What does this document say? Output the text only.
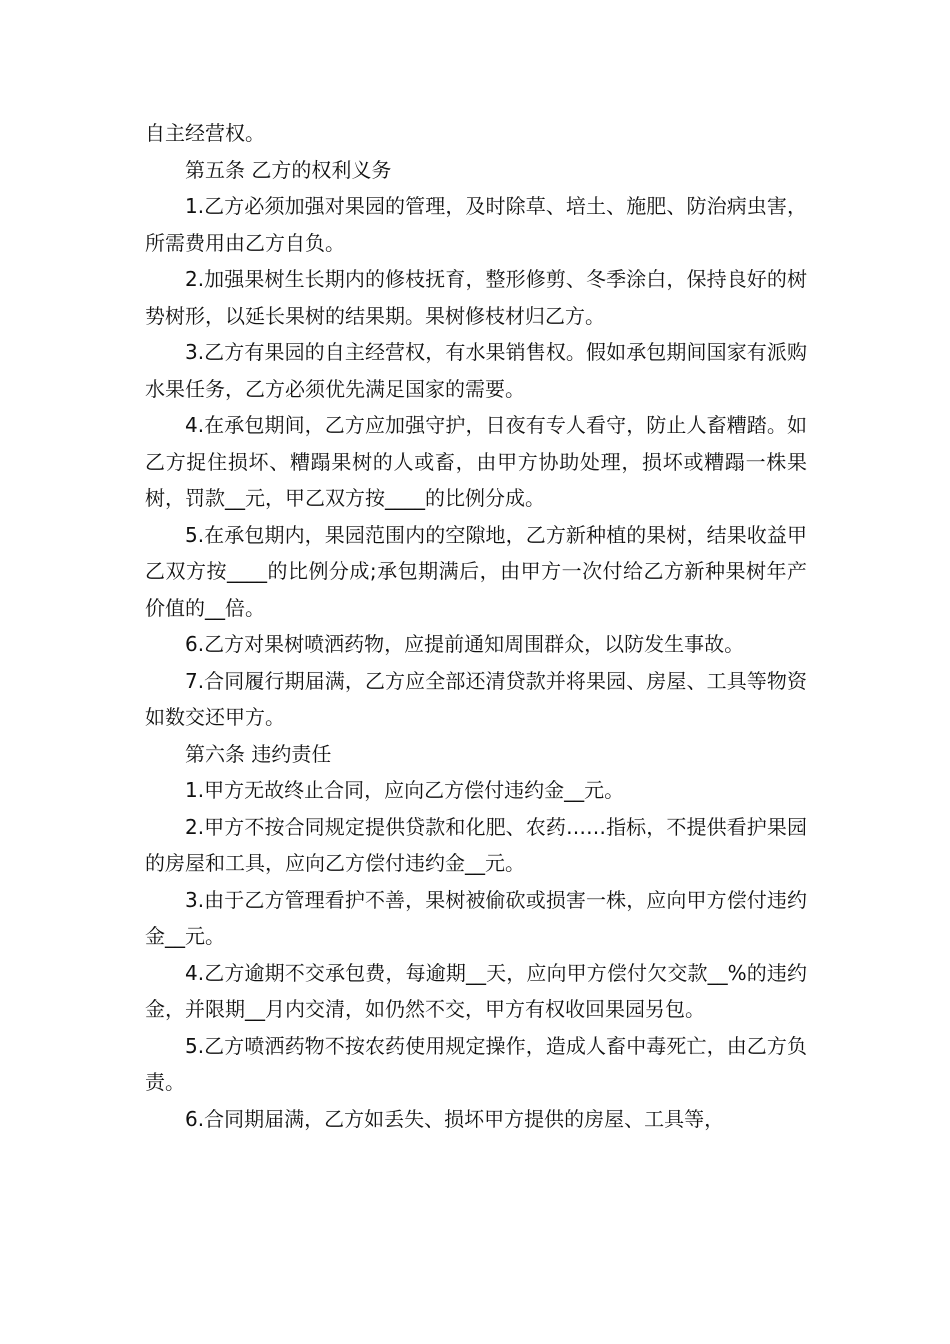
自主经营权。

第五条 乙方的权利义务

1.乙方必须加强对果园的管理，及时除草、培土、施肥、防治病虫害，所需费用由乙方自负。

2.加强果树生长期内的修枝抚育，整形修剪、冬季涂白，保持良好的树势树形，以延长果树的结果期。果树修枝材归乙方。

3.乙方有果园的自主经营权，有水果销售权。假如承包期间国家有派购水果任务，乙方必须优先满足国家的需要。

4.在承包期间，乙方应加强守护，日夜有专人看守，防止人畜糟踏。如乙方捉住损坏、糟蹋果树的人或畜，由甲方协助处理，损坏或糟蹋一株果树，罚款__元，甲乙双方按____的比例分成。

5.在承包期内，果园范围内的空隙地，乙方新种植的果树，结果收益甲乙双方按____的比例分成;承包期满后，由甲方一次付给乙方新种果树年产价值的__倍。

6.乙方对果树喷洒药物，应提前通知周围群众，以防发生事故。

7.合同履行期届满，乙方应全部还清贷款并将果园、房屋、工具等物资如数交还甲方。

第六条 违约责任

1.甲方无故终止合同，应向乙方偿付违约金__元。

2.甲方不按合同规定提供贷款和化肥、农药……指标，不提供看护果园的房屋和工具，应向乙方偿付违约金__元。

3.由于乙方管理看护不善，果树被偷砍或损害一株，应向甲方偿付违约金__元。

4.乙方逾期不交承包费，每逾期__天，应向甲方偿付欠交款__%的违约金，并限期__月内交清，如仍然不交，甲方有权收回果园另包。

5.乙方喷洒药物不按农药使用规定操作，造成人畜中毒死亡，由乙方负责。

6.合同期届满，乙方如丢失、损坏甲方提供的房屋、工具等，
